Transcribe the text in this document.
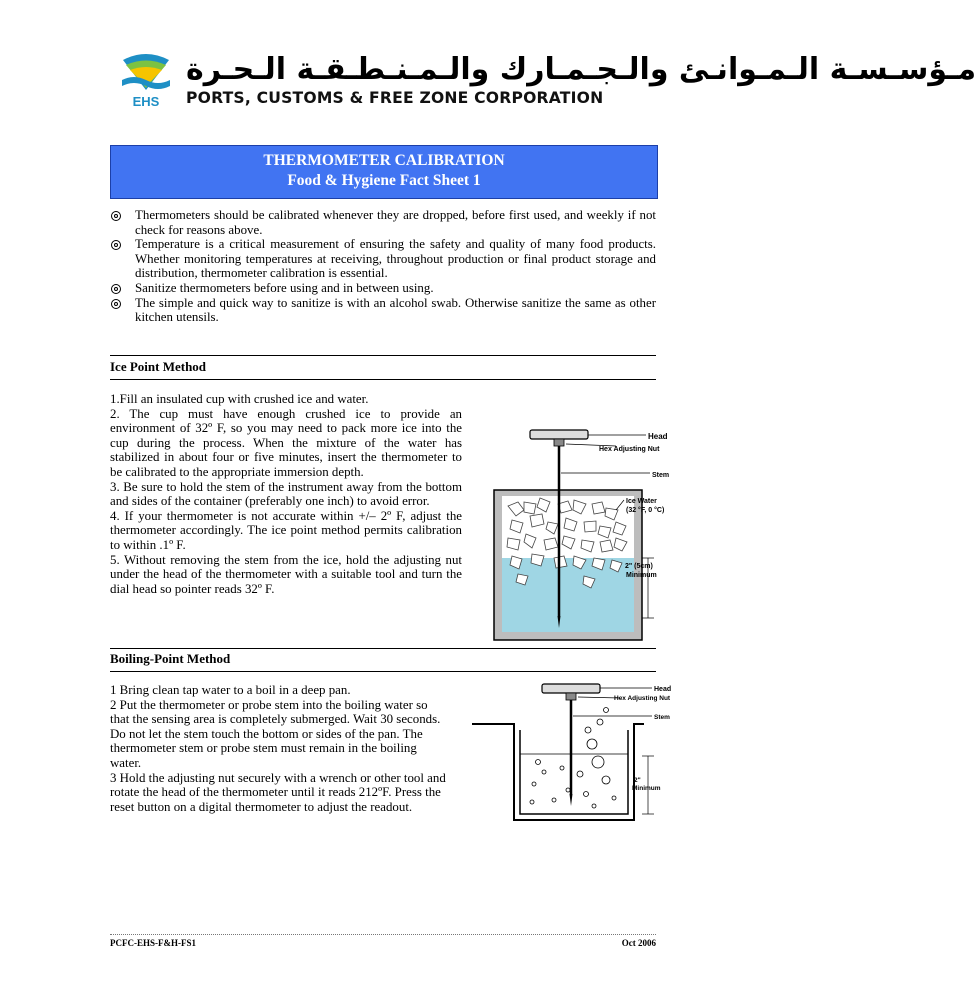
EHS
مـؤسـسـة الـمـوانـئ والـجـمـارك والـمـنـطـقـة الـحـرة
PORTS, CUSTOMS & FREE ZONE CORPORATION
THERMOMETER CALIBRATION
Food & Hygiene Fact Sheet 1
Thermometers should be calibrated whenever they are dropped, before first used, and weekly if not check for reasons above.
Temperature is a critical measurement of ensuring the safety and quality of many food products. Whether monitoring temperatures at receiving, throughout production or final product storage and distribution, thermometer calibration is essential.
Sanitize thermometers before using and in between using.
The simple and quick way to sanitize is with an alcohol swab. Otherwise sanitize the same as other kitchen utensils.
Ice Point Method

1.Fill an insulated cup with crushed ice and water.

2. The cup must have enough crushed ice to provide an environment of 32º F, so you may need to pack more ice into the cup during the process. When the mixture of the water has stabilized in about four or five minutes, insert the thermometer to be calibrated to the appropriate immersion depth.

3. Be sure to hold the stem of the instrument away from the bottom and sides of the container (preferably one inch) to avoid error.

4. If your thermometer is not accurate within +/– 2º F, adjust the thermometer accordingly. The ice point method permits calibration to within .1º F.

5. Without removing the stem from the ice, hold the adjusting nut under the head of the thermometer with a suitable tool and turn the dial head so pointer reads 32º F.

Head
Hex Adjusting Nut
Stem
Ice Water
(32 °F, 0 °C)
2" (5cm)
Minimum
Boiling-Point Method

1 Bring clean tap water to a boil in a deep pan.

2 Put the thermometer or probe stem into the boiling water so that the sensing area is completely submerged. Wait 30 seconds. Do not let the stem touch the bottom or sides of the pan. The thermometer stem or probe stem must remain in the boiling water.

3 Hold the adjusting nut securely with a wrench or other tool and rotate the head of the thermometer until it reads 212ºF. Press the reset button on a digital thermometer to adjust the readout.

Head
Hex Adjusting Nut
Stem
2"
Minimum
PCFC-EHS-F&H-FS1	Oct 2006
